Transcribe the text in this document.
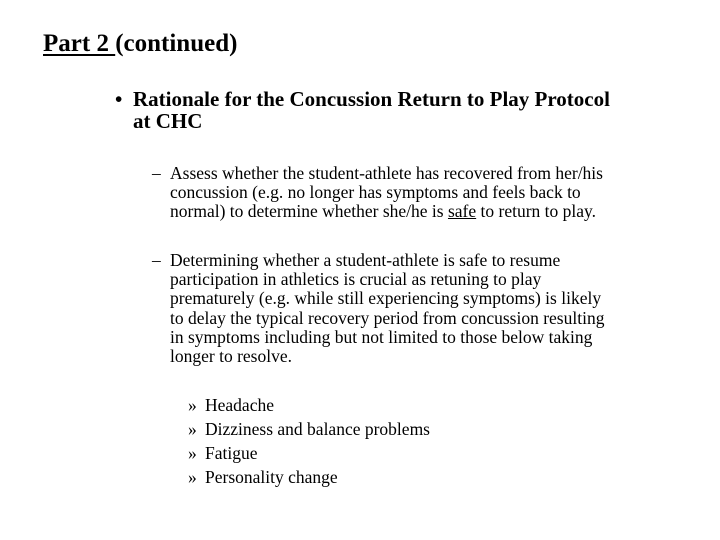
Part 2 (continued)
• Rationale for the Concussion Return to Play Protocol
at CHC
– Assess whether the student-athlete has recovered from her/his
concussion (e.g. no longer has symptoms and feels back to
normal) to determine whether she/he is safe to return to play.
– Determining whether a student-athlete is safe to resume
participation in athletics is crucial as retuning to play
prematurely (e.g. while still experiencing symptoms) is likely
to delay the typical recovery period from concussion resulting
in symptoms including but not limited to those below taking
longer to resolve.
» Headache
» Dizziness and balance problems
» Fatigue
» Personality change
